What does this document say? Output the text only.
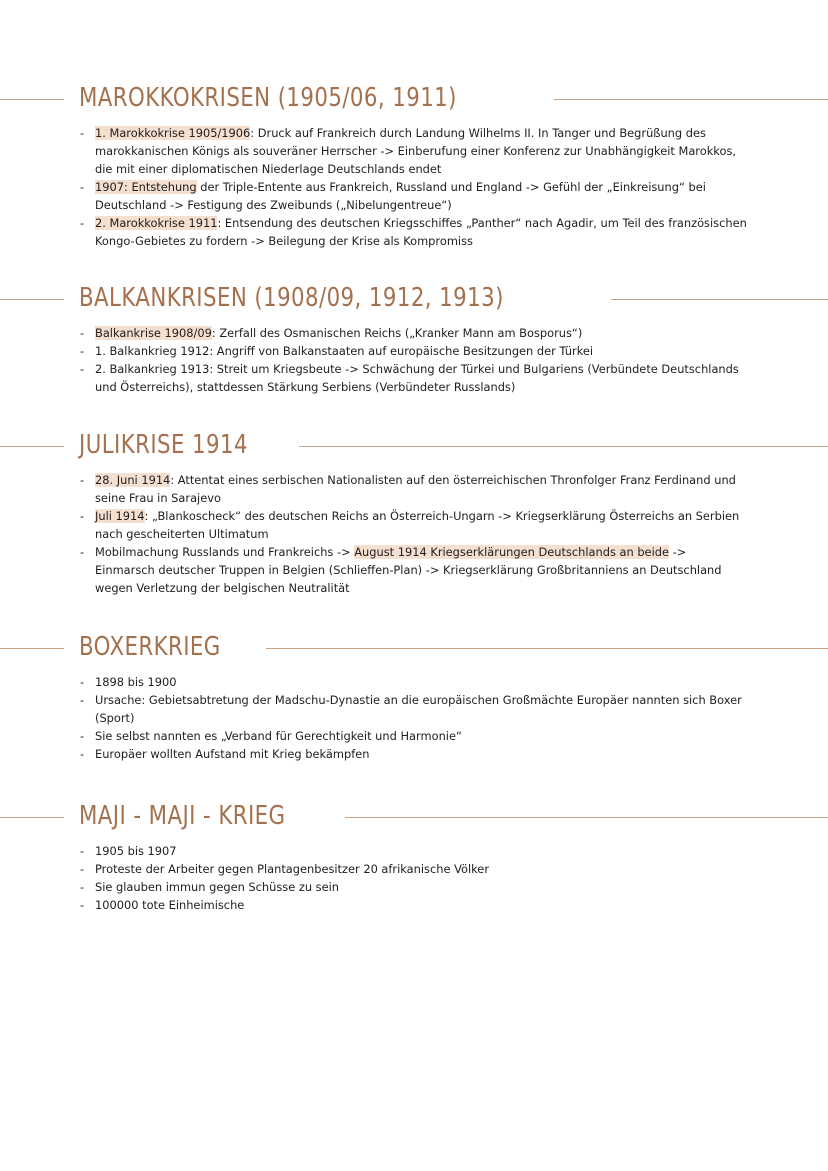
MAROKKOKRISEN (1905/06, 1911)
- 1. Marokkokrise 1905/1906: Druck auf Frankreich durch Landung Wilhelms II. In Tanger und Begrüßung des marokkanischen Königs als souveräner Herrscher -> Einberufung einer Konferenz zur Unabhängigkeit Marokkos, die mit einer diplomatischen Niederlage Deutschlands endet
- 1907: Entstehung der Triple-Entente aus Frankreich, Russland und England -> Gefühl der „Einkreisung“ bei Deutschland -> Festigung des Zweibunds („Nibelungentreue“)
- 2. Marokkokrise 1911: Entsendung des deutschen Kriegsschiffes „Panther“ nach Agadir, um Teil des französischen Kongo-Gebietes zu fordern -> Beilegung der Krise als Kompromiss
BALKANKRISEN (1908/09, 1912, 1913)
- Balkankrise 1908/09: Zerfall des Osmanischen Reichs („Kranker Mann am Bosporus“)
- 1. Balkankrieg 1912: Angriff von Balkanstaaten auf europäische Besitzungen der Türkei
- 2. Balkankrieg 1913: Streit um Kriegsbeute -> Schwächung der Türkei und Bulgariens (Verbündete Deutschlands und Österreichs), stattdessen Stärkung Serbiens (Verbündeter Russlands)
JULIKRISE 1914
- 28. Juni 1914: Attentat eines serbischen Nationalisten auf den österreichischen Thronfolger Franz Ferdinand und seine Frau in Sarajevo
- Juli 1914: „Blankoscheck“ des deutschen Reichs an Österreich-Ungarn -> Kriegserklärung Österreichs an Serbien nach gescheiterten Ultimatum
- Mobilmachung Russlands und Frankreichs -> August 1914 Kriegserklärungen Deutschlands an beide -> Einmarsch deutscher Truppen in Belgien (Schlieffen-Plan) -> Kriegserklärung Großbritanniens an Deutschland wegen Verletzung der belgischen Neutralität
BOXERKRIEG
- 1898 bis 1900
- Ursache: Gebietsabtretung der Madschu-Dynastie an die europäischen Großmächte Europäer nannten sich Boxer (Sport)
- Sie selbst nannten es „Verband für Gerechtigkeit und Harmonie“
- Europäer wollten Aufstand mit Krieg bekämpfen
MAJI - MAJI - KRIEG
- 1905 bis 1907
- Proteste der Arbeiter gegen Plantagenbesitzer 20 afrikanische Völker
- Sie glauben immun gegen Schüsse zu sein
- 100000 tote Einheimische
